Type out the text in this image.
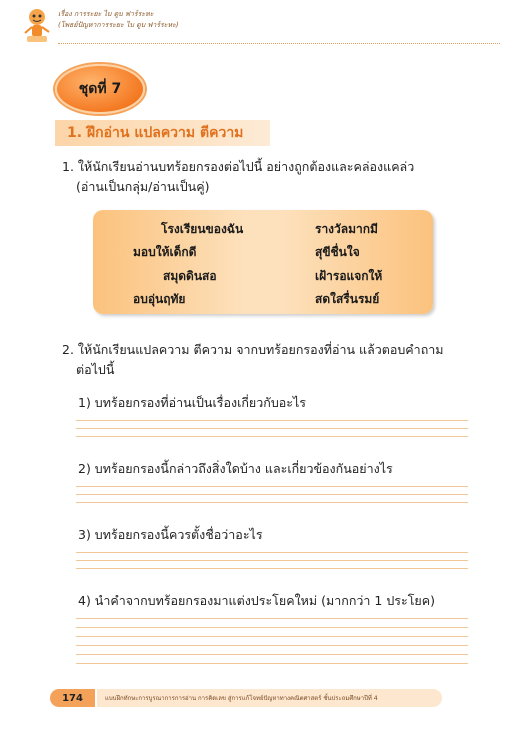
เรื่อง การระยะ ไบ ดูบ ฟาร์ระหะ
(โพธย์ปัญหาการระยะ ไบ ดูบ ฟาร์ระหะ)
ชุดที่ 7
1. ฝึกอ่าน แปลความ ตีความ
1. ให้นักเรียนอ่านบทร้อยกรองต่อไปนี้ อย่างถูกต้องและคล่องแคล่ว
(อ่านเป็นกลุ่ม/อ่านเป็นคู่)
โรงเรียนของฉัน	รางวัลมากมี
มอบให้เด็กดี	สุขีชื่นใจ
สมุดดินสอ	เฝ้ารอแจกให้
อบอุ่นฤทัย	สดใสรื่นรมย์
2. ให้นักเรียนแปลความ ตีความ จากบทร้อยกรองที่อ่าน แล้วตอบคำถาม
ต่อไปนี้
1) บทร้อยกรองที่อ่านเป็นเรื่องเกี่ยวกับอะไร
2) บทร้อยกรองนี้กล่าวถึงสิ่งใดบ้าง และเกี่ยวข้องกันอย่างไร
3) บทร้อยกรองนี้ควรตั้งชื่อว่าอะไร
4) นำคำจากบทร้อยกรองมาแต่งประโยคใหม่ (มากกว่า 1 ประโยค)
174	แบบฝึกทักษะการบูรณาการการอ่าน การคิดเลข สู่การแก้โจทย์ปัญหาทางคณิตศาสตร์ ชั้นประถมศึกษาปีที่ 4
